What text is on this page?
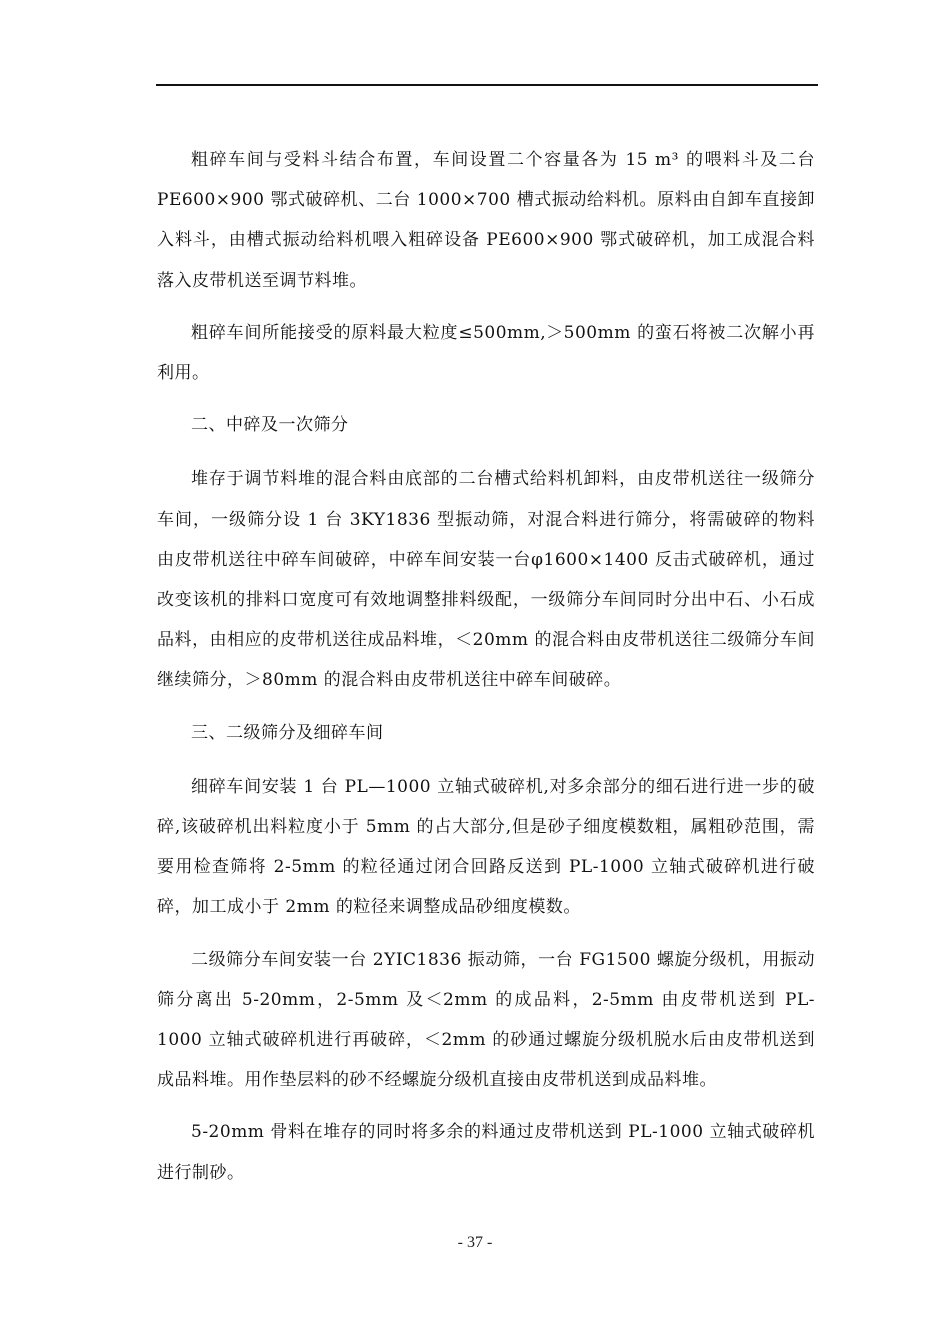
粗碎车间与受料斗结合布置，车间设置二个容量各为 15 m³ 的喂料斗及二台 PE600×900 鄂式破碎机、二台 1000×700 槽式振动给料机。原料由自卸车直接卸入料斗，由槽式振动给料机喂入粗碎设备 PE600×900 鄂式破碎机，加工成混合料落入皮带机送至调节料堆。

粗碎车间所能接受的原料最大粒度≤500mm,＞500mm 的蛮石将被二次解小再利用。

二、中碎及一次筛分

堆存于调节料堆的混合料由底部的二台槽式给料机卸料，由皮带机送往一级筛分车间，一级筛分设 1 台 3KY1836 型振动筛，对混合料进行筛分，将需破碎的物料由皮带机送往中碎车间破碎，中碎车间安装一台φ1600×1400 反击式破碎机，通过改变该机的排料口宽度可有效地调整排料级配，一级筛分车间同时分出中石、小石成品料，由相应的皮带机送往成品料堆，＜20mm 的混合料由皮带机送往二级筛分车间继续筛分，＞80mm 的混合料由皮带机送往中碎车间破碎。

三、二级筛分及细碎车间

细碎车间安装 1 台 PL—1000 立轴式破碎机,对多余部分的细石进行进一步的破碎,该破碎机出料粒度小于 5mm 的占大部分,但是砂子细度模数粗，属粗砂范围，需要用检查筛将 2-5mm 的粒径通过闭合回路反送到 PL-1000 立轴式破碎机进行破碎，加工成小于 2mm 的粒径来调整成品砂细度模数。

二级筛分车间安装一台 2YIC1836 振动筛，一台 FG1500 螺旋分级机，用振动筛分离出 5-20mm，2-5mm 及＜2mm 的成品料，2-5mm 由皮带机送到 PL-1000 立轴式破碎机进行再破碎，＜2mm 的砂通过螺旋分级机脱水后由皮带机送到成品料堆。用作垫层料的砂不经螺旋分级机直接由皮带机送到成品料堆。

5-20mm 骨料在堆存的同时将多余的料通过皮带机送到 PL-1000 立轴式破碎机进行制砂。

- 37 -
